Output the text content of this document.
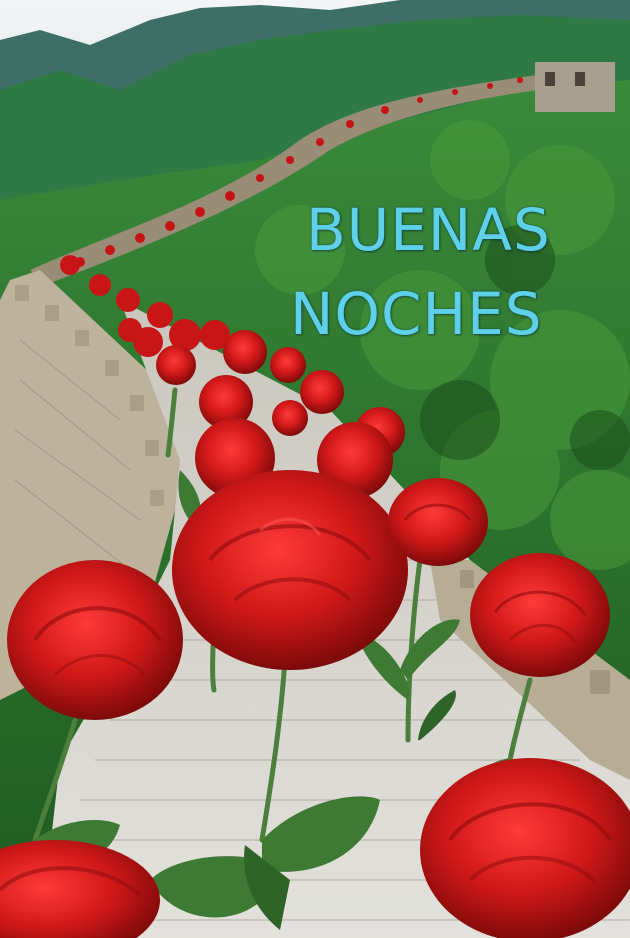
BUENAS
NOCHES
